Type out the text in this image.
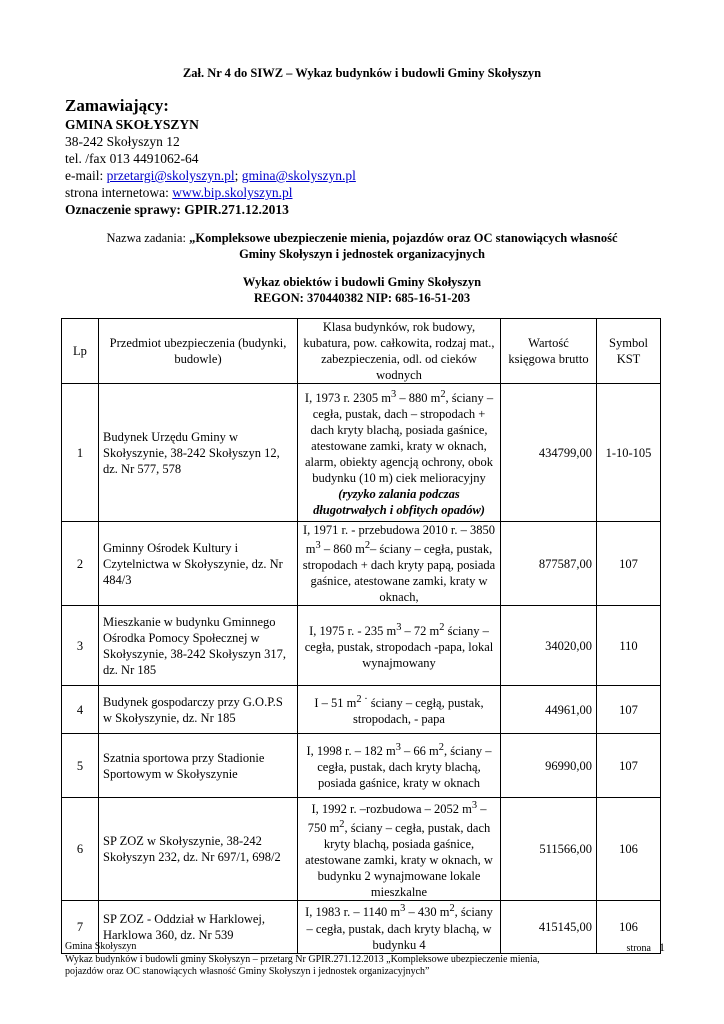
Zał. Nr 4 do SIWZ – Wykaz budynków i budowli Gminy Skołyszyn
Zamawiający:
GMINA SKOŁYSZYN
38-242 Skołyszyn 12
tel. /fax 013 4491062-64
e-mail: przetargi@skolyszyn.pl; gmina@skolyszyn.pl
strona internetowa: www.bip.skolyszyn.pl
Oznaczenie sprawy: GPIR.271.12.2013
Nazwa zadania: „Kompleksowe ubezpieczenie mienia, pojazdów oraz OC stanowiących własność
Gminy Skołyszyn i jednostek organizacyjnych
Wykaz obiektów i budowli Gminy Skołyszyn
REGON: 370440382 NIP: 685-16-51-203
Lp	Przedmiot ubezpieczenia (budynki, budowle)	Klasa budynków, rok budowy, kubatura, pow. całkowita, rodzaj mat., zabezpieczenia, odl. od cieków wodnych	Wartość księgowa brutto	Symbol KST
1	Budynek Urzędu Gminy w Skołyszynie, 38-242 Skołyszyn 12, dz. Nr 577, 578	I, 1973 r. 2305 $m^3 - 880$ $m^2$, ściany – cegła, pustak, dach – stropodach + dach kryty blachą, posiada gaśnice, atestowane zamki, kraty w oknach, alarm, obiekty agencją ochrony, obok budynku (10 m) ciek melioracyjny (ryzyko zalania podczas długotrwałych i obfitych opadów)	434799,00	1-10-105
2	Gminny Ośrodek Kultury i Czytelnictwa w Skołyszynie, dz. Nr 484/3	I, 1971 r. - przebudowa 2010 r. – 3850 $m^3 - 860$ $m^2-$ ściany – cegła, pustak, stropodach + dach kryty papą, posiada gaśnice, atestowane zamki, kraty w oknach,	877587,00	107
3	Mieszkanie w budynku Gminnego Ośrodka Pomocy Społecznej w Skołyszynie, 38-242 Skołyszyn 317, dz. Nr 185	I, 1975 r. - 235 $m^3 - 72$ $m^2$ ściany – cegła, pustak, stropodach -papa, lokal wynajmowany	34020,00	110
4	Budynek gospodarczy przy G.O.P.S w Skołyszynie, dz. Nr 185	I – 51 $m^{2 \cdot}$ ściany – cegłą, pustak, stropodach, - papa	44961,00	107
5	Szatnia sportowa przy Stadionie Sportowym w Skołyszynie	I, 1998 r. – 182 $m^3 - 66$ $m^2$, ściany – cegła, pustak, dach kryty blachą, posiada gaśnice, kraty w oknach	96990,00	107
6	SP ZOZ w Skołyszynie, 38-242 Skołyszyn 232, dz. Nr 697/1, 698/2	I, 1992 r. –rozbudowa – 2052 $m^3 - 750$ $m^2$, ściany – cegła, pustak, dach kryty blachą, posiada gaśnice, atestowane zamki, kraty w oknach, w budynku 2 wynajmowane lokale mieszkalne	511566,00	106
7	SP ZOZ - Oddział w Harklowej, Harklowa 360, dz. Nr 539	I, 1983 r. – 1140 $m^3 - 430$ $m^2$, ściany – cegła, pustak, dach kryty blachą, w budynku 4	415145,00	106
Gmina Skołyszyn	strona 1
Wykaz budynków i budowli gminy Skołyszyn – przetarg Nr GPIR.271.12.2013 „Kompleksowe ubezpieczenie mienia,
pojazdów oraz OC stanowiących własność Gminy Skołyszyn i jednostek organizacyjnych”
